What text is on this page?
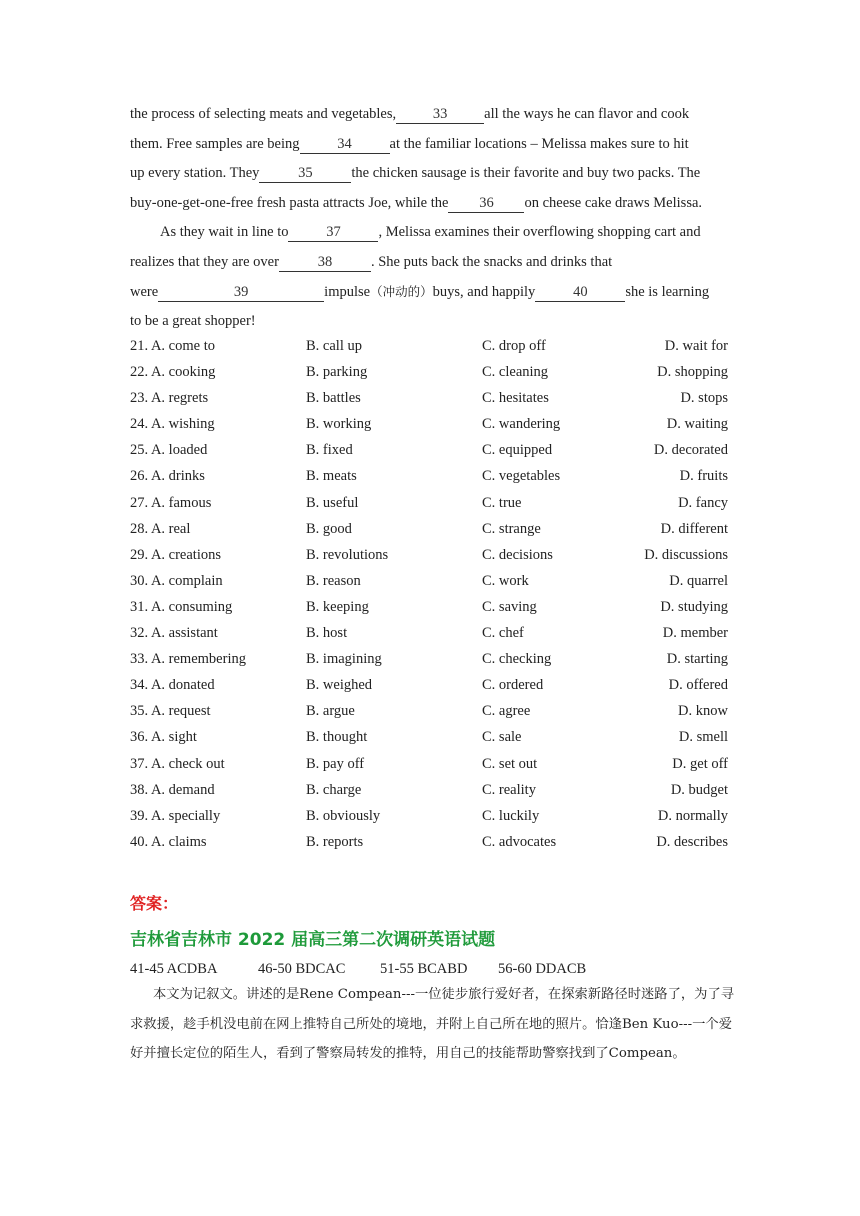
the process of selecting meats and vegetables,	33	all the ways he can flavor and cook
them. Free samples are being	34	at the familiar locations – Melissa makes sure to hit
up every station. They	35	the chicken sausage is their favorite and buy two packs. The
buy-one-get-one-free fresh pasta attracts Joe, while the 36 on cheese cake draws Melissa.
As they wait in line to	37	, Melissa examines their overflowing shopping cart and
realizes that they are over	38	. She puts back the snacks and drinks that
were	39	impulse（冲动的）buys, and happily	40	she is learning
to be a great shopper!
21. A. come to	B. call up	C. drop off	D. wait for
22. A. cooking	B. parking	C. cleaning	D. shopping
23. A. regrets	B. battles	C. hesitates	D. stops
24. A. wishing	B. working	C. wandering	D. waiting
25. A. loaded	B. fixed	C. equipped	D. decorated
26. A. drinks	B. meats	C. vegetables	D. fruits
27. A. famous	B. useful	C. true	D. fancy
28. A. real	B. good	C. strange	D. different
29. A. creations	B. revolutions	C. decisions	D. discussions
30. A. complain	B. reason	C. work	D. quarrel
31. A. consuming	B. keeping	C. saving	D. studying
32. A. assistant	B. host	C. chef	D. member
33. A. remembering	B. imagining	C. checking	D. starting
34. A. donated	B. weighed	C. ordered	D. offered
35. A. request	B. argue	C. agree	D. know
36. A. sight	B. thought	C. sale	D. smell
37. A. check out	B. pay off	C. set out	D. get off
38. A. demand	B. charge	C. reality	D. budget
39. A. specially	B. obviously	C. luckily	D. normally
40. A. claims	B. reports	C. advocates	D. describes
答案：
吉林省吉林市 2022 届高三第二次调研英语试题
41-45 ACDBA	46-50 BDCAC 51-55 BCABD 56-60 DDACB

本文为记叙文。讲述的是Rene Compean---一位徒步旅行爱好者，在探索新路径时迷路了，为了寻求救援，趁手机没电前在网上推特自己所处的境地，并附上自己所在地的照片。恰逢Ben Kuo---一个爱好并擅长定位的陌生人，看到了警察局转发的推特，用自己的技能帮助警察找到了Compean。
